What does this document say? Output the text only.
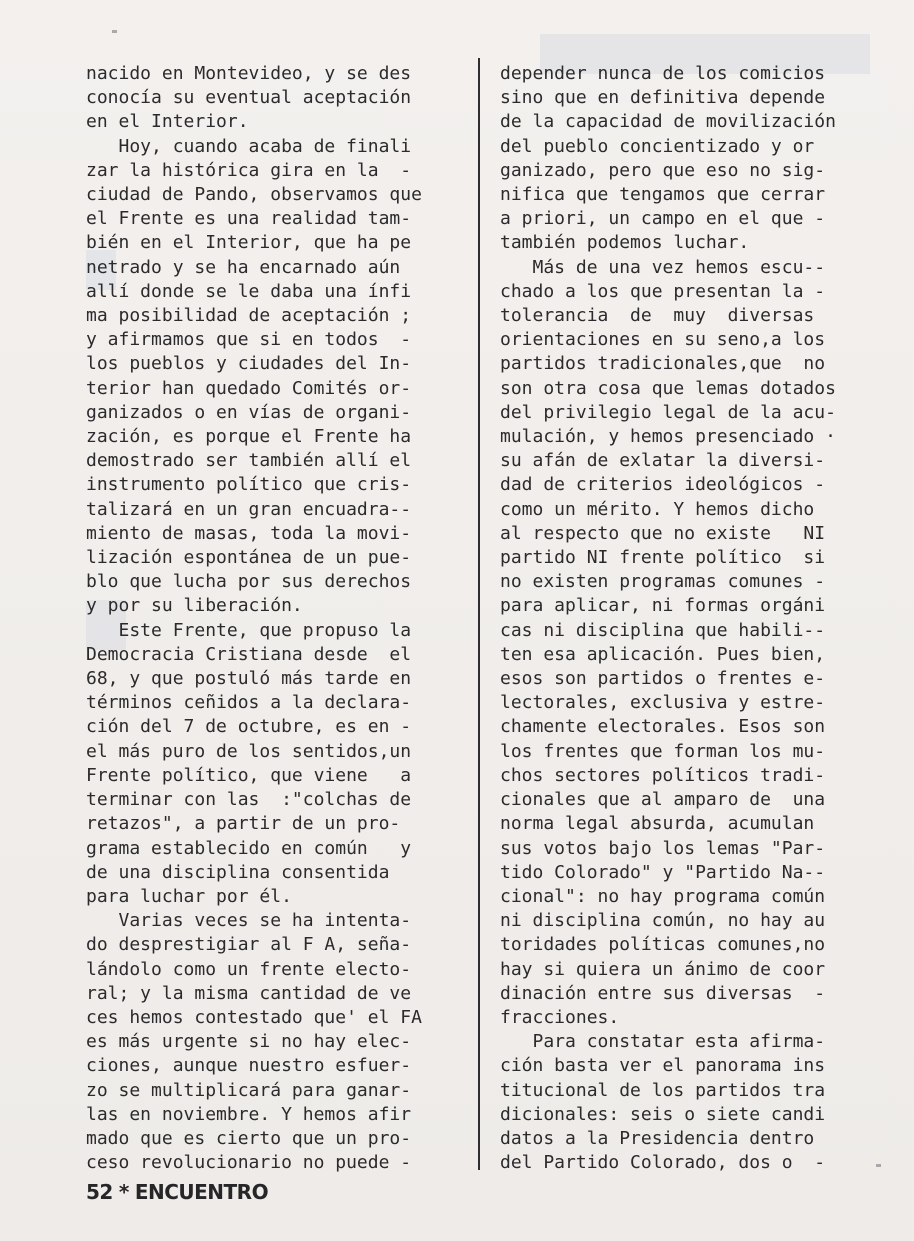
nacido en Montevideo, y se des
conocía su eventual aceptación
en el Interior.
Hoy, cuando acaba de finali
zar la histórica gira en la  -
ciudad de Pando, observamos que
el Frente es una realidad tam-
bién en el Interior, que ha pe
netrado y se ha encarnado aún
allí donde se le daba una ínfi
ma posibilidad de aceptación ;
y afirmamos que si en todos  -
los pueblos y ciudades del In-
terior han quedado Comités or-
ganizados o en vías de organi-
zación, es porque el Frente ha
demostrado ser también allí el
instrumento político que cris-
talizará en un gran encuadra--
miento de masas, toda la movi-
lización espontánea de un pue-
blo que lucha por sus derechos
y por su liberación.
Este Frente, que propuso la
Democracia Cristiana desde  el
68, y que postuló más tarde en
términos ceñidos a la declara-
ción del 7 de octubre, es en -
el más puro de los sentidos,un
Frente político, que viene   a
terminar con las  :"colchas de
retazos", a partir de un pro-
grama establecido en común   y
de una disciplina consentida
para luchar por él.
Varias veces se ha intenta-
do desprestigiar al F A, seña-
lándolo como un frente electo-
ral; y la misma cantidad de ve
ces hemos contestado que' el FA
es más urgente si no hay elec-
ciones, aunque nuestro esfuer-
zo se multiplicará para ganar-
las en noviembre. Y hemos afir
mado que es cierto que un pro-
ceso revolucionario no puede -
depender nunca de los comicios
sino que en definitiva depende
de la capacidad de movilización
del pueblo concientizado y or
ganizado, pero que eso no sig-
nifica que tengamos que cerrar
a priori, un campo en el que -
también podemos luchar.
Más de una vez hemos escu--
chado a los que presentan la -
tolerancia  de  muy  diversas
orientaciones en su seno,a los
partidos tradicionales,que  no
son otra cosa que lemas dotados
del privilegio legal de la acu-
mulación, y hemos presenciado ·
su afán de exlatar la diversi-
dad de criterios ideológicos -
como un mérito. Y hemos dicho
al respecto que no existe   NI
partido NI frente político  si
no existen programas comunes -
para aplicar, ni formas orgáni
cas ni disciplina que habili--
ten esa aplicación. Pues bien,
esos son partidos o frentes e-
lectorales, exclusiva y estre-
chamente electorales. Esos son
los frentes que forman los mu-
chos sectores políticos tradi-
cionales que al amparo de  una
norma legal absurda, acumulan
sus votos bajo los lemas "Par-
tido Colorado" y "Partido Na--
cional": no hay programa común
ni disciplina común, no hay au
toridades políticas comunes,no
hay si quiera un ánimo de coor
dinación entre sus diversas  -
fracciones.
Para constatar esta afirma-
ción basta ver el panorama ins
titucional de los partidos tra
dicionales: seis o siete candi
datos a la Presidencia dentro
del Partido Colorado, dos o  -
52 * ENCUENTRO
